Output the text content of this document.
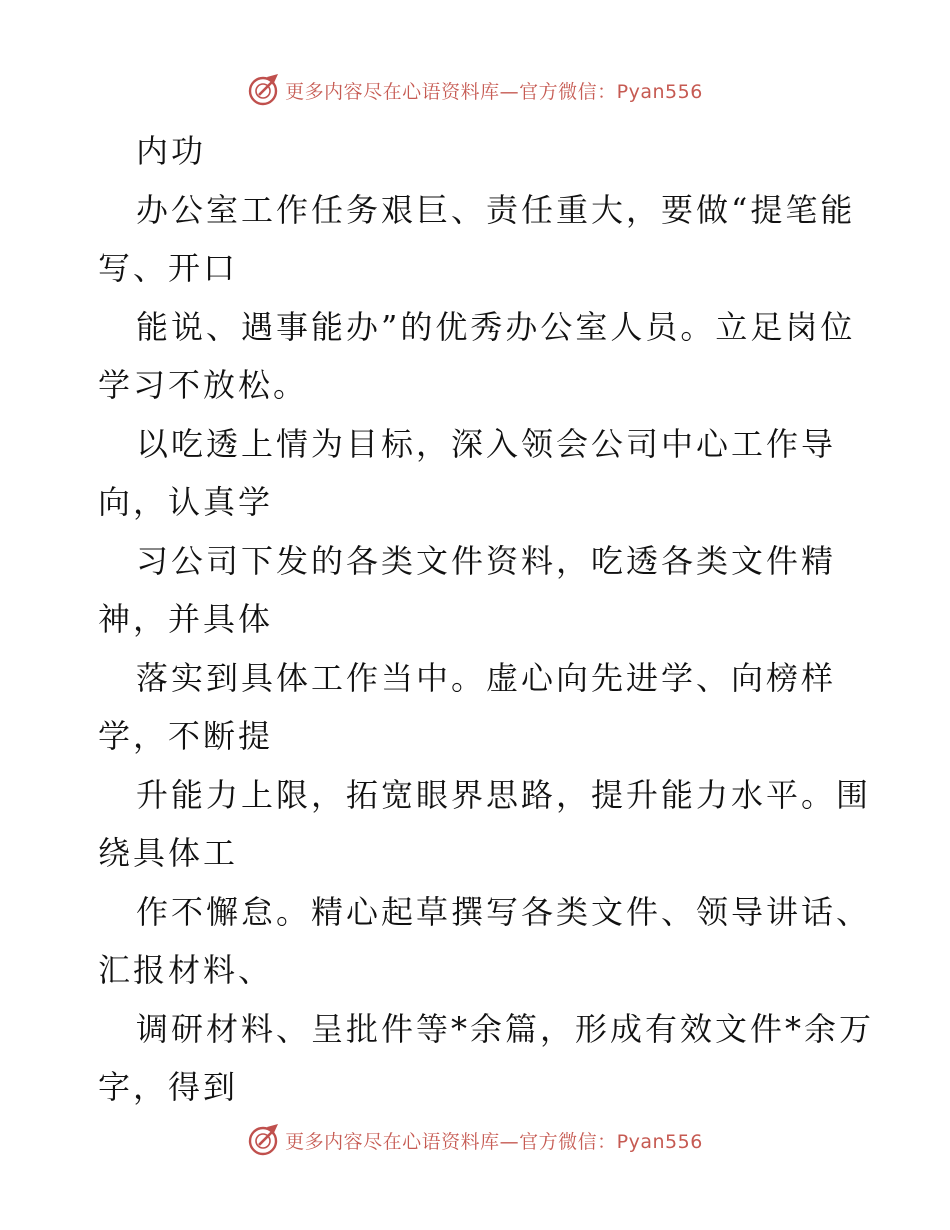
更多内容尽在心语资料库—官方微信：Pyan556
内功
办公室工作任务艰巨、责任重大，要做“提笔能
写、开口
能说、遇事能办”的优秀办公室人员。立足岗位
学习不放松。
以吃透上情为目标，深入领会公司中心工作导
向，认真学
习公司下发的各类文件资料，吃透各类文件精
神，并具体
落实到具体工作当中。虚心向先进学、向榜样
学，不断提
升能力上限，拓宽眼界思路，提升能力水平。围
绕具体工
作不懈怠。精心起草撰写各类文件、领导讲话、
汇报材料、
调研材料、呈批件等*余篇，形成有效文件*余万
字，得到
更多内容尽在心语资料库—官方微信：Pyan556
